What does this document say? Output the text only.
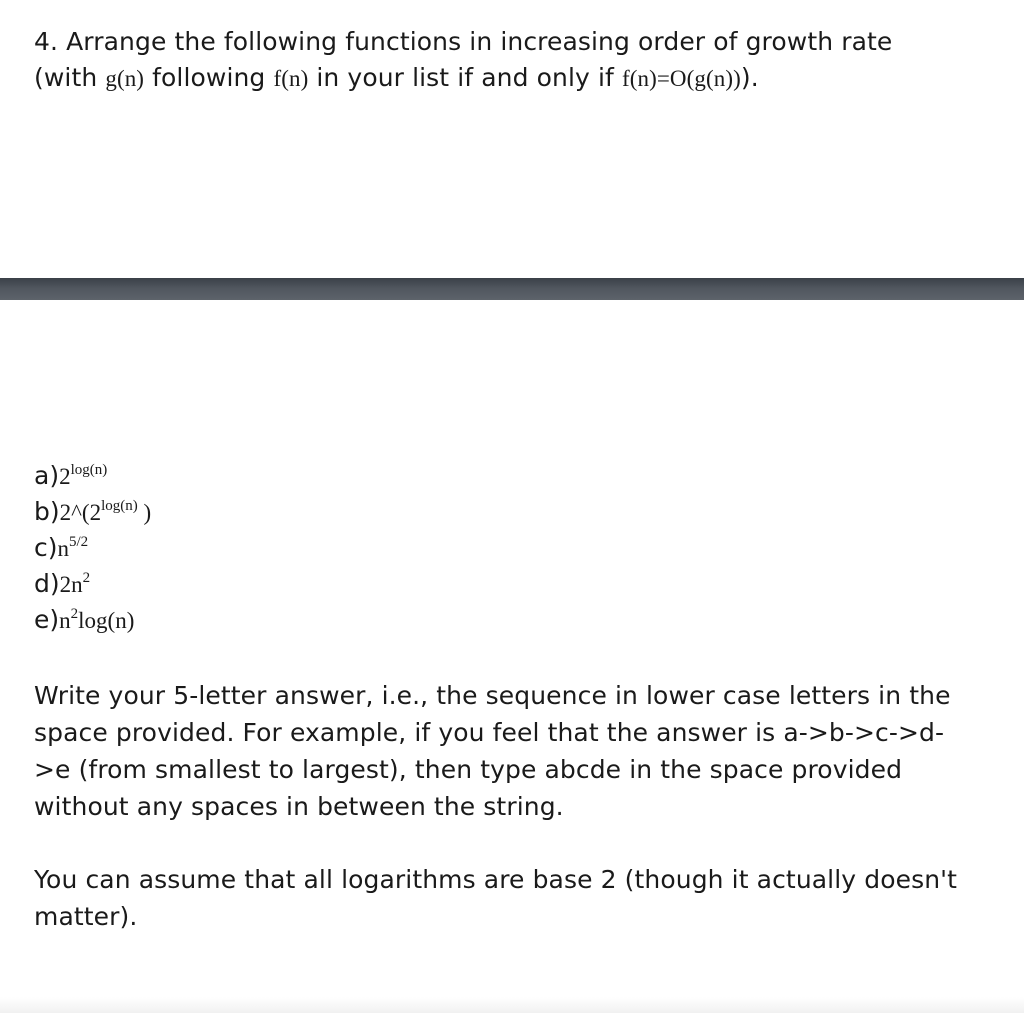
4. Arrange the following functions in increasing order of growth rate
(with g(n) following f(n) in your list if and only if f(n)=O(g(n))).
$a)2^{log(n)}$
$b)2\^{}(2^{log(n)}$ )
$c)n^{5/2}$
$d)2n^2$
$e)n^2\log(n)$
Write your 5-letter answer, i.e., the sequence in lower case letters in the space provided. For example, if you feel that the answer is a->b->c->d->e (from smallest to largest), then type abcde in the space provided without any spaces in between the string.
You can assume that all logarithms are base 2 (though it actually doesn't matter).
